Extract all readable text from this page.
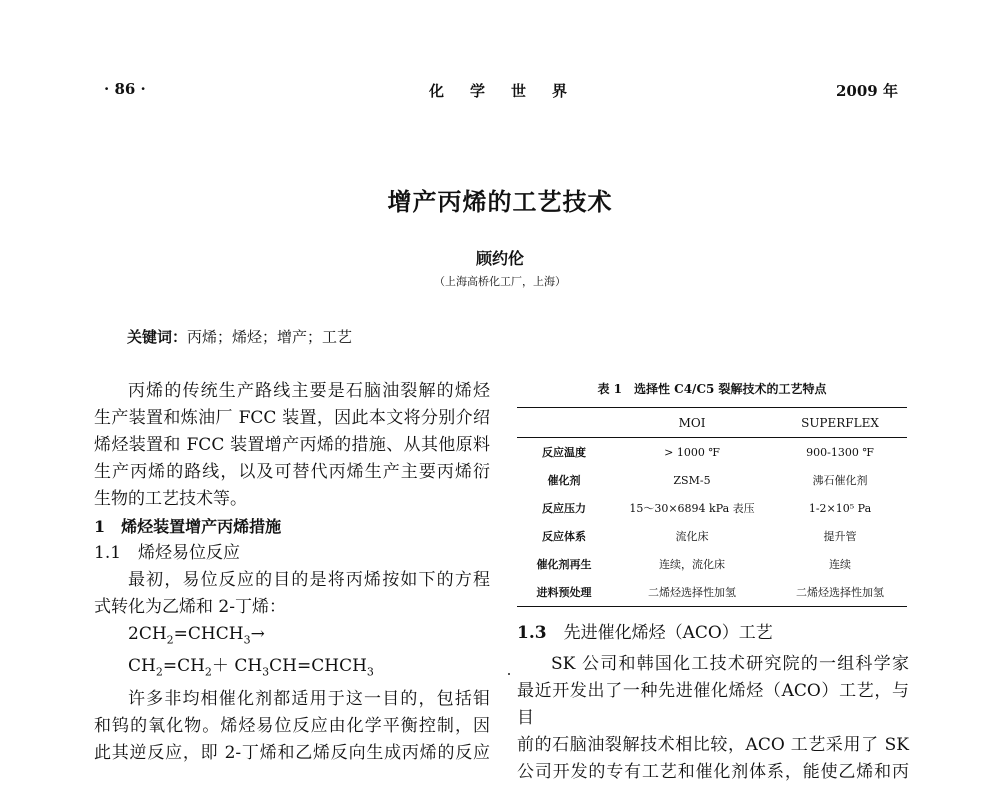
· 86 ·	化学世界	2009 年
增产丙烯的工艺技术
顾约伦
（上海高桥化工厂，上海）
关键词：丙烯；烯烃；增产；工艺

丙烯的传统生产路线主要是石脑油裂解的烯烃

生产装置和炼油厂 FCC 装置，因此本文将分别介绍

烯烃装置和 FCC 装置增产丙烯的措施、从其他原料

生产丙烯的路线，以及可替代丙烯生产主要丙烯衍

生物的工艺技术等。

1　烯烃装置增产丙烯措施

1.1　烯烃易位反应

最初，易位反应的目的是将丙烯按如下的方程

式转化为乙烯和 2-丁烯：

$2CH_2=CHCH_3\to$

$CH_2=CH_2+$ $CH_3CH=CHCH_3$

许多非均相催化剂都适用于这一目的，包括钼

和钨的氧化物。烯烃易位反应由化学平衡控制，因

此其逆反应，即 2-丁烯和乙烯反向生成丙烯的反应

表 1　选择性 C4/C5 裂解技术的工艺特点
	MOI	SUPERFLEX
反应温度	> 1000 ℉	900-1300 ℉
催化剂	ZSM-5	沸石催化剂
反应压力	15～30×6894 kPa 表压	1-2×10⁵ Pa
反应体系	流化床	提升管
催化剂再生	连续，流化床	连续
进料预处理	二烯烃选择性加氢	二烯烃选择性加氢

1.3　先进催化烯烃（ACO）工艺

SK 公司和韩国化工技术研究院的一组科学家

最近开发出了一种先进催化烯烃（ACO）工艺，与目

前的石脑油裂解技术相比较，ACO 工艺采用了 SK

公司开发的专有工艺和催化剂体系，能使乙烯和丙
